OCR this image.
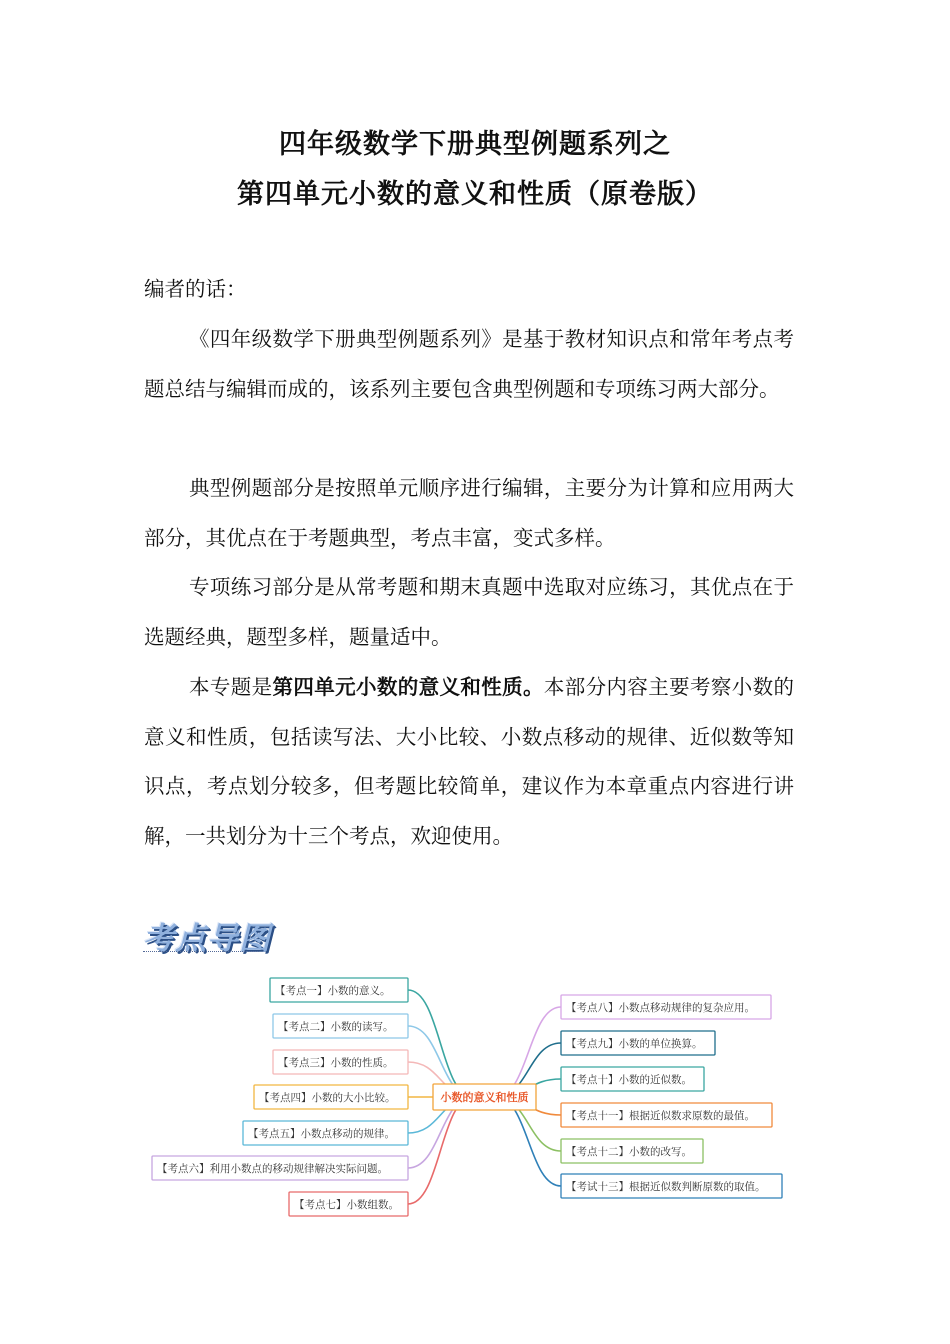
四年级数学下册典型例题系列之
第四单元小数的意义和性质（原卷版）

编者的话：

《四年级数学下册典型例题系列》是基于教材知识点和常年考点考题总结与编辑而成的，该系列主要包含典型例题和专项练习两大部分。

典型例题部分是按照单元顺序进行编辑，主要分为计算和应用两大部分，其优点在于考题典型，考点丰富，变式多样。

专项练习部分是从常考题和期末真题中选取对应练习，其优点在于选题经典，题型多样，题量适中。

本专题是第四单元小数的意义和性质。本部分内容主要考察小数的意义和性质，包括读写法、大小比较、小数点移动的规律、近似数等知识点，考点划分较多，但考题比较简单，建议作为本章重点内容进行讲解，一共划分为十三个考点，欢迎使用。

考点导图
【考点一】小数的意义。
【考点二】小数的读写。
【考点三】小数的性质。
【考点四】小数的大小比较。
【考点五】小数点移动的规律。
【考点六】利用小数点的移动规律解决实际问题。
【考点七】小数组数。
【考点八】小数点移动规律的复杂应用。
【考点九】小数的单位换算。
【考点十】小数的近似数。
【考点十一】根据近似数求原数的最值。
【考点十二】小数的改写。
【考试十三】根据近似数判断原数的取值。
小数的意义和性质
